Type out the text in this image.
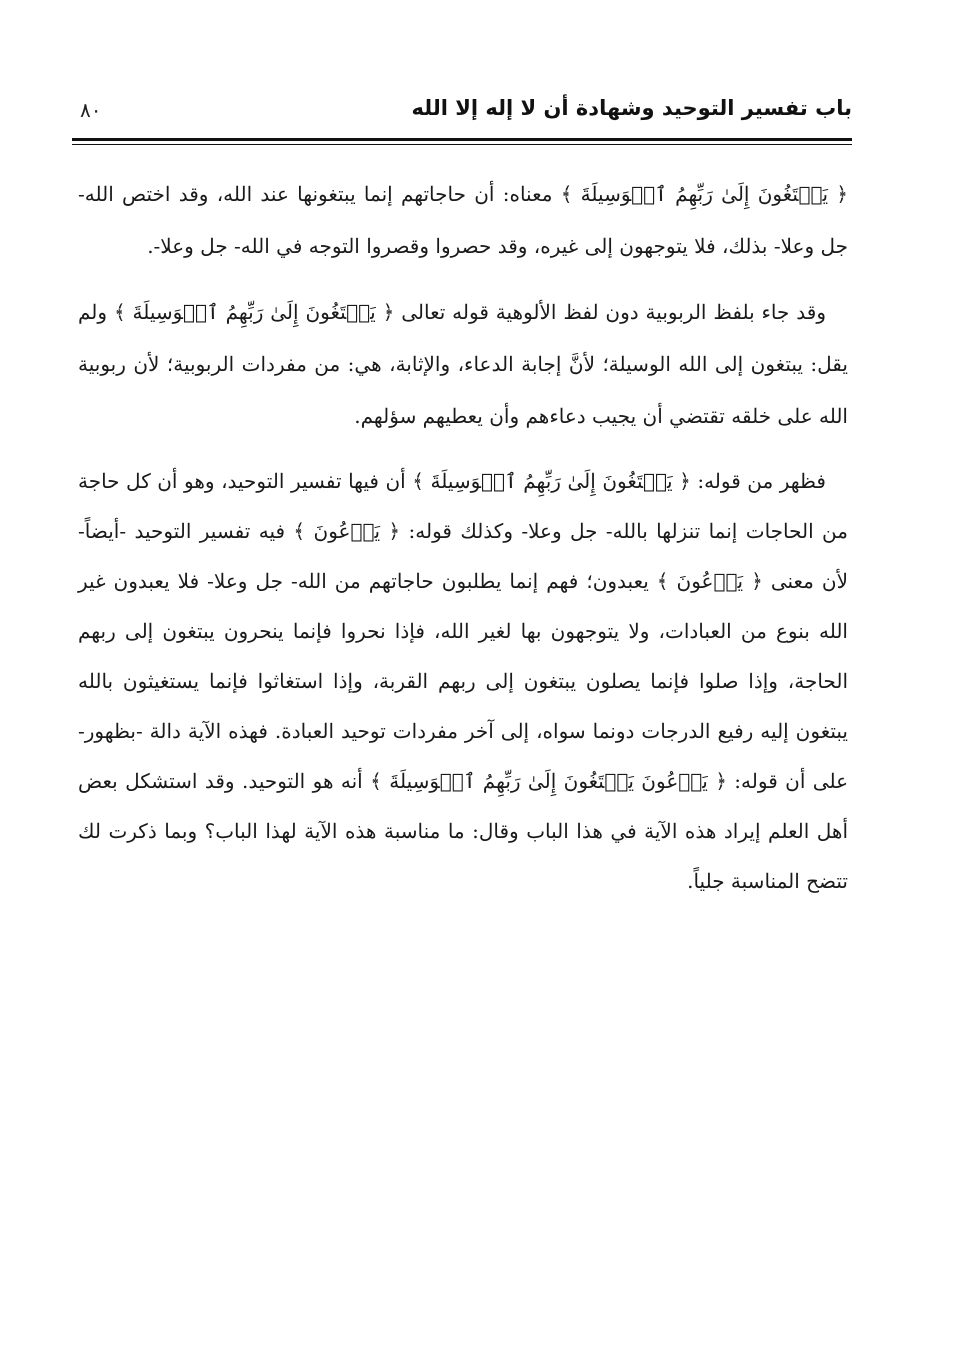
باب تفسير التوحيد وشهادة أن لا إله إلا الله
٨٠

﴿ يَبۡتَغُونَ إِلَىٰ رَبِّهِمُ ٱلۡوَسِيلَةَ ﴾ معناه: أن حاجاتهم إنما يبتغونها عند الله، وقد اختص الله- جل وعلا- بذلك، فلا يتوجهون إلى غيره، وقد حصروا وقصروا التوجه في الله- جل وعلا-.

وقد جاء بلفظ الربوبية دون لفظ الألوهية قوله تعالى ﴿ يَبۡتَغُونَ إِلَىٰ رَبِّهِمُ ٱلۡوَسِيلَةَ ﴾ ولم يقل: يبتغون إلى الله الوسيلة؛ لأنَّ إجابة الدعاء، والإثابة، هي: من مفردات الربوبية؛ لأن ربوبية الله على خلقه تقتضي أن يجيب دعاءهم وأن يعطيهم سؤلهم.

فظهر من قوله: ﴿ يَبۡتَغُونَ إِلَىٰ رَبِّهِمُ ٱلۡوَسِيلَةَ ﴾ أن فيها تفسير التوحيد، وهو أن كل حاجة من الحاجات إنما تنزلها بالله- جل وعلا- وكذلك قوله: ﴿ يَدۡعُونَ ﴾ فيه تفسير التوحيد -أيضاً- لأن معنى ﴿ يَدۡعُونَ ﴾ يعبدون؛ فهم إنما يطلبون حاجاتهم من الله- جل وعلا- فلا يعبدون غير الله بنوع من العبادات، ولا يتوجهون بها لغير الله، فإذا نحروا فإنما ينحرون يبتغون إلى ربهم الحاجة، وإذا صلوا فإنما يصلون يبتغون إلى ربهم القربة، وإذا استغاثوا فإنما يستغيثون بالله يبتغون إليه رفيع الدرجات دونما سواه، إلى آخر مفردات توحيد العبادة. فهذه الآية دالة -بظهور- على أن قوله: ﴿ يَدۡعُونَ يَبۡتَغُونَ إِلَىٰ رَبِّهِمُ ٱلۡوَسِيلَةَ ﴾ أنه هو التوحيد. وقد استشكل بعض أهل العلم إيراد هذه الآية في هذا الباب وقال: ما مناسبة هذه الآية لهذا الباب؟ وبما ذكرت لك تتضح المناسبة جلياً.
